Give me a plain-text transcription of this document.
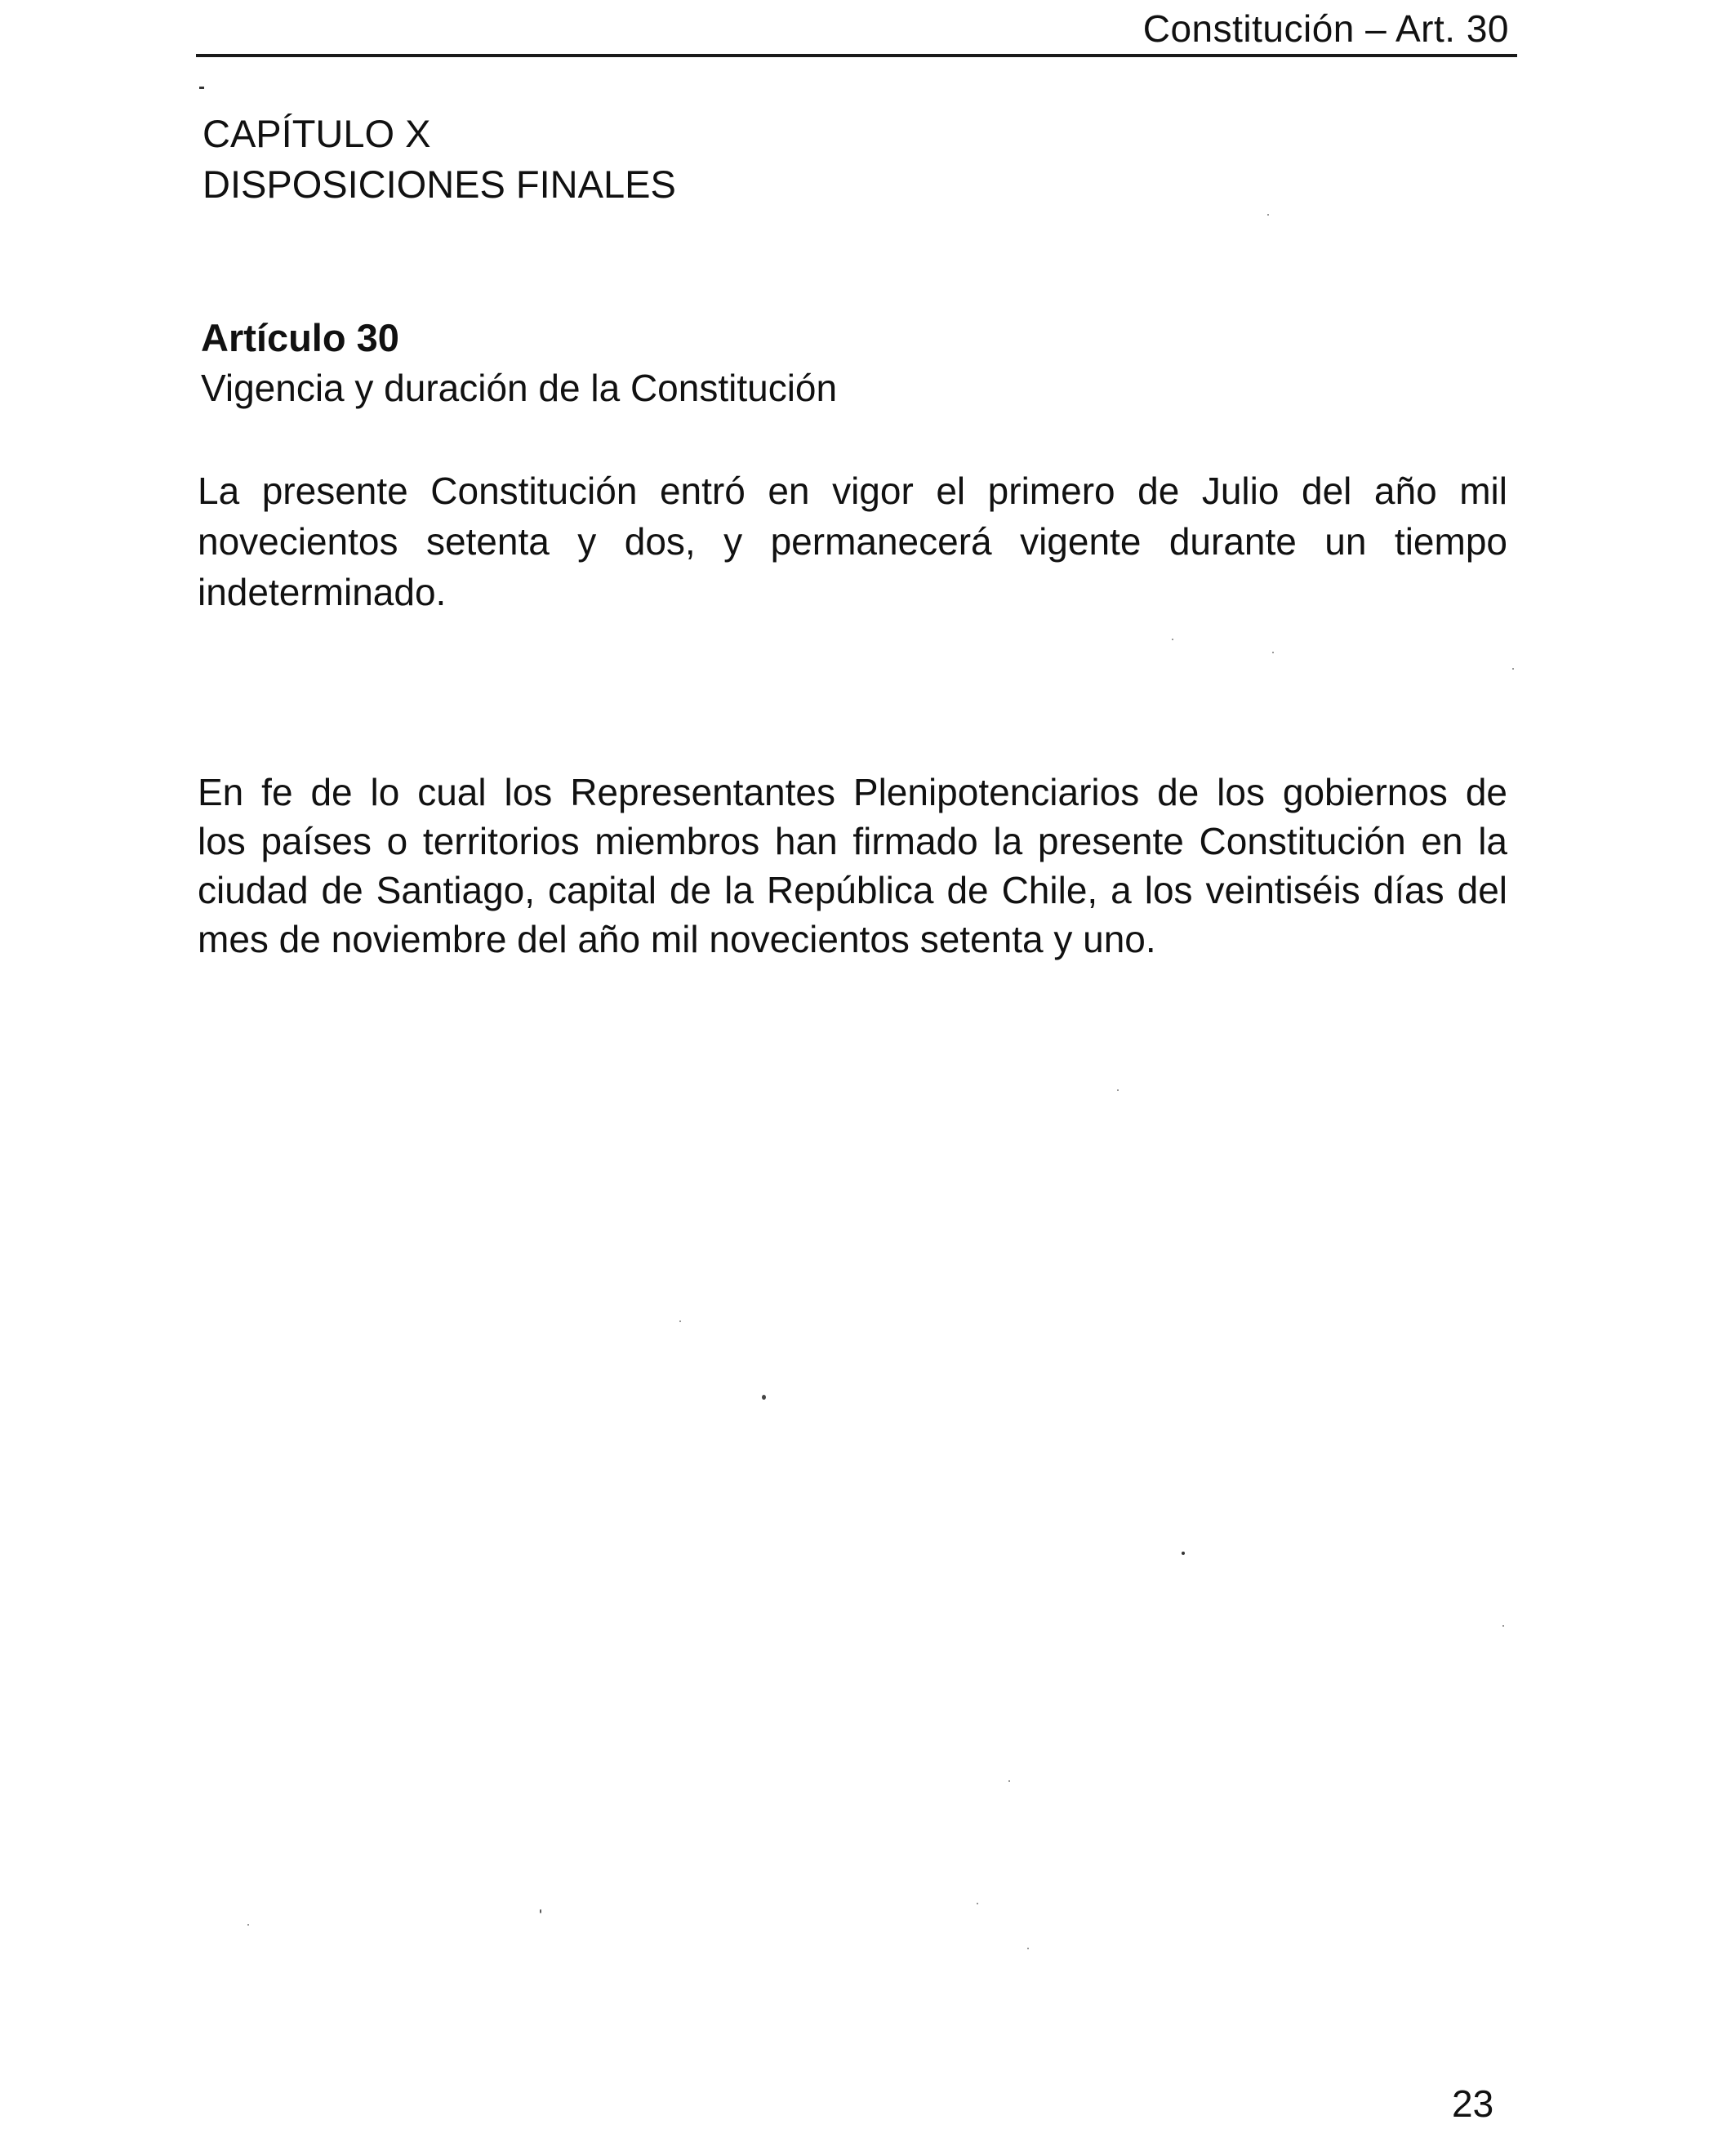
Constitución – Art. 30
CAPÍTULO X
DISPOSICIONES FINALES
Artículo 30
Vigencia y duración de la Constitución

La presente Constitución entró en vigor el primero de Julio del año mil
novecientos setenta y dos, y permanecerá vigente durante un tiempo
indeterminado.

En fe de lo cual los Representantes Plenipotenciarios de los gobiernos de
los países o territorios miembros han firmado la presente Constitución en la
ciudad de Santiago, capital de la República de Chile, a los veintiséis días del
mes de noviembre del año mil novecientos setenta y uno.

23
